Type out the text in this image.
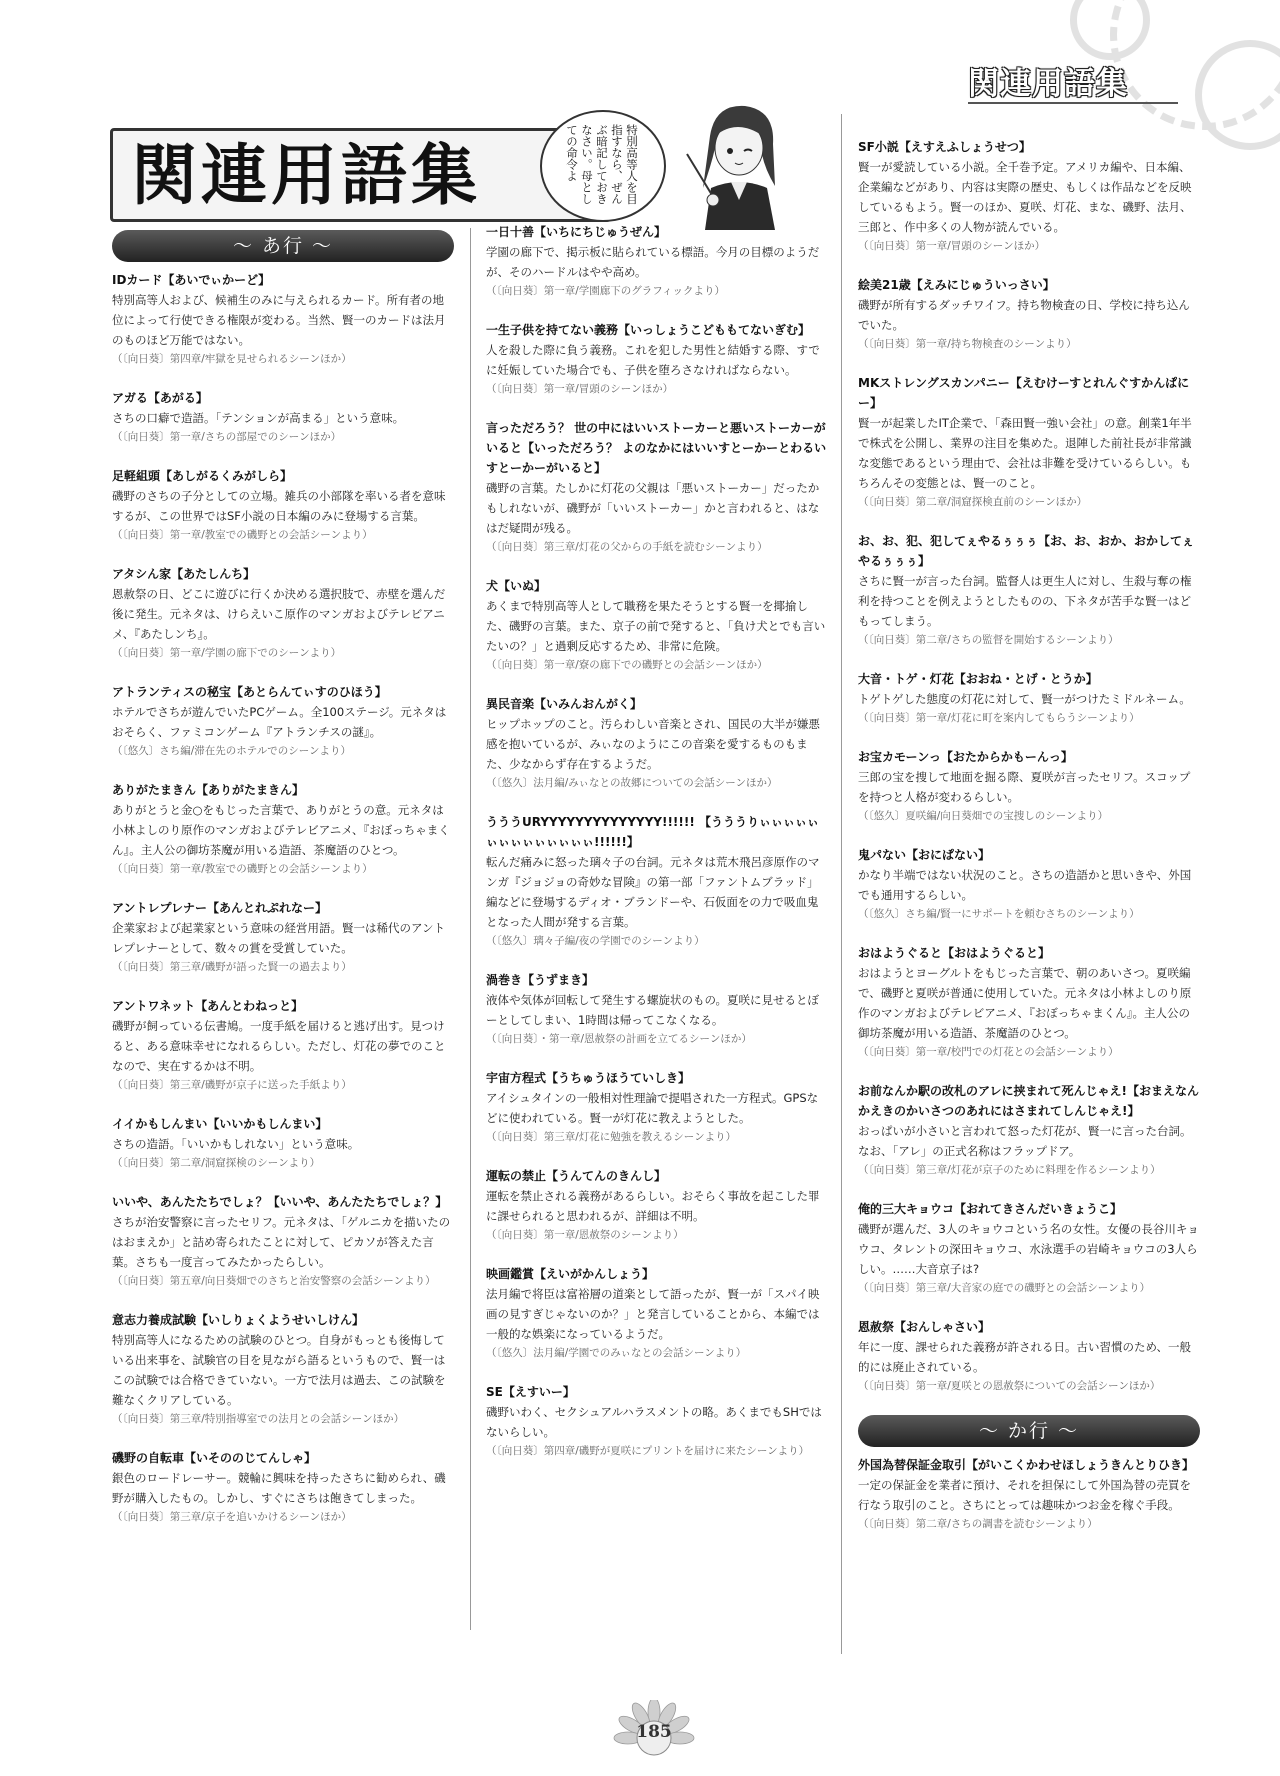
関連用語集
関連用語集	特別高等人を目指すなら、ぜんぶ暗記しておきなさい。母としての命令よ
～ あ行 ～
IDカード【あいでぃかーど】
特別高等人および、候補生のみに与えられるカード。所有者の地位によって行使できる権限が変わる。当然、賢一のカードは法月のものほど万能ではない。
（〔向日葵〕第四章/牢獄を見せられるシーンほか）
アガる【あがる】
さちの口癖で造語。「テンションが高まる」という意味。
（〔向日葵〕第一章/さちの部屋でのシーンほか）
足軽組頭【あしがるくみがしら】
磯野のさちの子分としての立場。雑兵の小部隊を率いる者を意味するが、この世界ではSF小説の日本編のみに登場する言葉。
（〔向日葵〕第一章/教室での磯野との会話シーンより）
アタシん家【あたしんち】
恩赦祭の日、どこに遊びに行くか決める選択肢で、赤壁を選んだ後に発生。元ネタは、けらえいこ原作のマンガおよびテレビアニメ、『あたしンち』。
（〔向日葵〕第一章/学園の廊下でのシーンより）
アトランティスの秘宝【あとらんてぃすのひほう】
ホテルでさちが遊んでいたPCゲーム。全100ステージ。元ネタはおそらく、ファミコンゲーム『アトランチスの謎』。
（〔悠久〕さち編/滞在先のホテルでのシーンより）
ありがたまきん【ありがたまきん】
ありがとうと金○をもじった言葉で、ありがとうの意。元ネタは小林よしのり原作のマンガおよびテレビアニメ、『おぼっちゃまくん』。主人公の御坊茶魔が用いる造語、茶魔語のひとつ。
（〔向日葵〕第一章/教室での磯野との会話シーンより）
アントレプレナー【あんとれぷれなー】
企業家および起業家という意味の経営用語。賢一は稀代のアントレプレナーとして、数々の賞を受賞していた。
（〔向日葵〕第三章/磯野が語った賢一の過去より）
アントワネット【あんとわねっと】
磯野が飼っている伝書鳩。一度手紙を届けると逃げ出す。見つけると、ある意味幸せになれるらしい。ただし、灯花の夢でのことなので、実在するかは不明。
（〔向日葵〕第三章/磯野が京子に送った手紙より）
イイかもしんまい【いいかもしんまい】
さちの造語。「いいかもしれない」という意味。
（〔向日葵〕第二章/洞窟探検のシーンより）
いいや、あんたたちでしょ？【いいや、あんたたちでしょ？】
さちが治安警察に言ったセリフ。元ネタは、「ゲルニカを描いたのはおまえか」と詰め寄られたことに対して、ピカソが答えた言葉。さちも一度言ってみたかったらしい。
（〔向日葵〕第五章/向日葵畑でのさちと治安警察の会話シーンより）
意志力養成試験【いしりょくようせいしけん】
特別高等人になるための試験のひとつ。自身がもっとも後悔している出来事を、試験官の目を見ながら語るというもので、賢一はこの試験では合格できていない。一方で法月は過去、この試験を難なくクリアしている。
（〔向日葵〕第三章/特別指導室での法月との会話シーンほか）
磯野の自転車【いそののじてんしゃ】
銀色のロードレーサー。競輪に興味を持ったさちに勧められ、磯野が購入したもの。しかし、すぐにさちは飽きてしまった。
（〔向日葵〕第三章/京子を追いかけるシーンほか）
一日十善【いちにちじゅうぜん】
学園の廊下で、掲示板に貼られている標語。今月の目標のようだが、そのハードルはやや高め。
（〔向日葵〕第一章/学園廊下のグラフィックより）
一生子供を持てない義務【いっしょうこどももてないぎむ】
人を殺した際に負う義務。これを犯した男性と結婚する際、すでに妊娠していた場合でも、子供を堕ろさなければならない。
（〔向日葵〕第一章/冒頭のシーンほか）
言っただろう？ 世の中にはいいストーカーと悪いストーカーがいると【いっただろう？ よのなかにはいいすとーかーとわるいすとーかーがいると】
磯野の言葉。たしかに灯花の父親は「悪いストーカー」だったかもしれないが、磯野が「いいストーカー」かと言われると、はなはだ疑問が残る。
（〔向日葵〕第三章/灯花の父からの手紙を読むシーンより）
犬【いぬ】
あくまで特別高等人として職務を果たそうとする賢一を揶揄した、磯野の言葉。また、京子の前で発すると、「負け犬とでも言いたいの？」と過剰反応するため、非常に危険。
（〔向日葵〕第一章/寮の廊下での磯野との会話シーンほか）
異民音楽【いみんおんがく】
ヒップホップのこと。汚らわしい音楽とされ、国民の大半が嫌悪感を抱いているが、みぃなのようにこの音楽を愛するものもまた、少なからず存在するようだ。
（〔悠久〕法月編/みぃなとの故郷についての会話シーンほか）
うううURYYYYYYYYYYYYYY!!!!!! 【うううりぃぃぃぃぃぃぃぃぃぃぃぃぃぃ!!!!!!】
転んだ痛みに怒った璃々子の台詞。元ネタは荒木飛呂彦原作のマンガ『ジョジョの奇妙な冒険』の第一部「ファントムブラッド」編などに登場するディオ・ブランドーや、石仮面をの力で吸血鬼となった人間が発する言葉。
（〔悠久〕璃々子編/夜の学園でのシーンより）
渦巻き【うずまき】
液体や気体が回転して発生する螺旋状のもの。夏咲に見せるとぼーとしてしまい、1時間は帰ってこなくなる。
（〔向日葵〕・第一章/恩赦祭の計画を立てるシーンほか）
宇宙方程式【うちゅうほうていしき】
アイシュタインの一般相対性理論で提唱された一方程式。GPSなどに使われている。賢一が灯花に教えようとした。
（〔向日葵〕第三章/灯花に勉強を教えるシーンより）
運転の禁止【うんてんのきんし】
運転を禁止される義務があるらしい。おそらく事故を起こした罪に課せられると思われるが、詳細は不明。
（〔向日葵〕第一章/恩赦祭のシーンより）
映画鑑賞【えいがかんしょう】
法月編で将臣は富裕層の道楽として語ったが、賢一が「スパイ映画の見すぎじゃないのか？」と発言していることから、本編では一般的な娯楽になっているようだ。
（〔悠久〕法月編/学園でのみぃなとの会話シーンより）
SE【えすいー】
磯野いわく、セクシュアルハラスメントの略。あくまでもSHではないらしい。
（〔向日葵〕第四章/磯野が夏咲にプリントを届けに来たシーンより）
SF小説【えすえふしょうせつ】
賢一が愛読している小説。全千巻予定。アメリカ編や、日本編、企業編などがあり、内容は実際の歴史、もしくは作品などを反映しているもよう。賢一のほか、夏咲、灯花、まな、磯野、法月、三郎と、作中多くの人物が読んでいる。
（〔向日葵〕第一章/冒頭のシーンほか）
絵美21歳【えみにじゅういっさい】
磯野が所有するダッチワイフ。持ち物検査の日、学校に持ち込んでいた。
（〔向日葵〕第一章/持ち物検査のシーンより）
MKストレングスカンパニー【えむけーすとれんぐすかんぱにー】
賢一が起業したIT企業で、「森田賢一強い会社」の意。創業1年半で株式を公開し、業界の注目を集めた。退陣した前社長が非常識な変態であるという理由で、会社は非難を受けているらしい。もちろんその変態とは、賢一のこと。
（〔向日葵〕第二章/洞窟探検直前のシーンほか）
お、お、犯、犯してぇやるぅぅぅ【お、お、おか、おかしてぇやるぅぅぅ】
さちに賢一が言った台詞。監督人は更生人に対し、生殺与奪の権利を持つことを例えようとしたものの、下ネタが苦手な賢一はどもってしまう。
（〔向日葵〕第二章/さちの監督を開始するシーンより）
大音・トゲ・灯花【おおね・とげ・とうか】
トゲトゲした態度の灯花に対して、賢一がつけたミドルネーム。
（〔向日葵〕第一章/灯花に町を案内してもらうシーンより）
お宝カモーンっ【おたからかもーんっ】
三郎の宝を捜して地面を掘る際、夏咲が言ったセリフ。スコップを持つと人格が変わるらしい。
（〔悠久〕夏咲編/向日葵畑での宝捜しのシーンより）
鬼パない【おにぱない】
かなり半端ではない状況のこと。さちの造語かと思いきや、外国でも通用するらしい。
（〔悠久〕さち編/賢一にサポートを頼むさちのシーンより）
おはようぐると【おはようぐると】
おはようとヨーグルトをもじった言葉で、朝のあいさつ。夏咲編で、磯野と夏咲が普通に使用していた。元ネタは小林よしのり原作のマンガおよびテレビアニメ、『おぼっちゃまくん』。主人公の御坊茶魔が用いる造語、茶魔語のひとつ。
（〔向日葵〕第一章/校門での灯花との会話シーンより）
お前なんか駅の改札のアレに挟まれて死んじゃえ!【おまえなんかえきのかいさつのあれにはさまれてしんじゃえ!】
おっぱいが小さいと言われて怒った灯花が、賢一に言った台詞。なお、「アレ」の正式名称はフラップドア。
（〔向日葵〕第三章/灯花が京子のために料理を作るシーンより）
俺的三大キョウコ【おれてきさんだいきょうこ】
磯野が選んだ、3人のキョウコという名の女性。女優の長谷川キョウコ、タレントの深田キョウコ、水泳選手の岩崎キョウコの3人らしい。……大音京子は?
（〔向日葵〕第三章/大音家の庭での磯野との会話シーンより）
恩赦祭【おんしゃさい】
年に一度、課せられた義務が許される日。古い習慣のため、一般的には廃止されている。
（〔向日葵〕第一章/夏咲との恩赦祭についての会話シーンほか）
～ か行 ～
外国為替保証金取引【がいこくかわせほしょうきんとりひき】
一定の保証金を業者に預け、それを担保にして外国為替の売買を行なう取引のこと。さちにとっては趣味かつお金を稼ぐ手段。
（〔向日葵〕第二章/さちの調書を読むシーンより）
185
